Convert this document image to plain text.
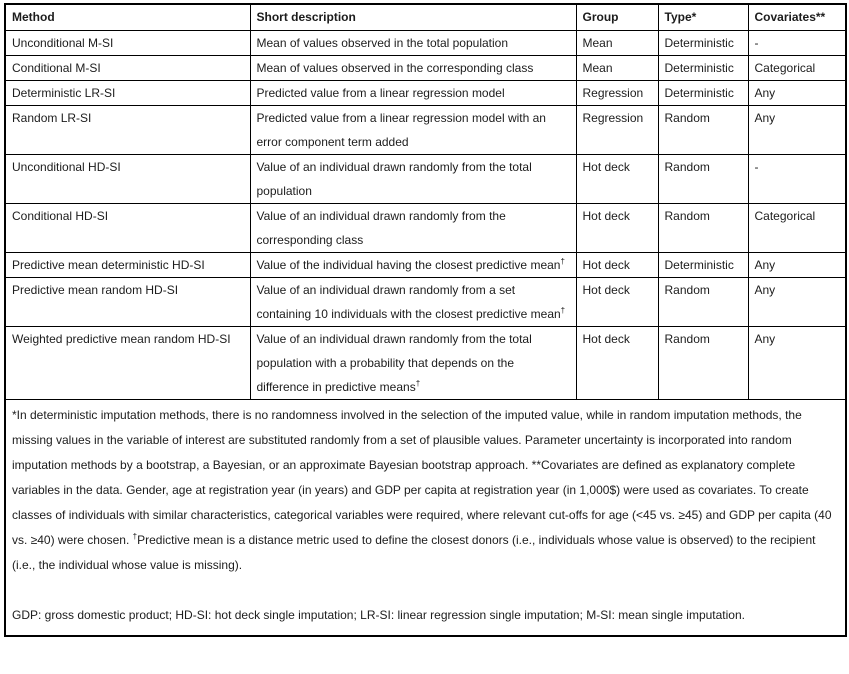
Method	Short description	Group	Type*	Covariates**
Unconditional M-SI	Mean of values observed in the total population	Mean	Deterministic	-
Conditional M-SI	Mean of values observed in the corresponding class	Mean	Deterministic	Categorical
Deterministic LR-SI	Predicted value from a linear regression model	Regression	Deterministic	Any
Random LR-SI	Predicted value from a linear regression model with an error component term added	Regression	Random	Any
Unconditional HD-SI	Value of an individual drawn randomly from the total population	Hot deck	Random	-
Conditional HD-SI	Value of an individual drawn randomly from the corresponding class	Hot deck	Random	Categorical
Predictive mean deterministic HD-SI	Value of the individual having the closest predictive mean†	Hot deck	Deterministic	Any
Predictive mean random HD-SI	Value of an individual drawn randomly from a set containing 10 individuals with the closest predictive mean†	Hot deck	Random	Any
Weighted predictive mean random HD-SI	Value of an individual drawn randomly from the total population with a probability that depends on the difference in predictive means†	Hot deck	Random	Any

*In deterministic imputation methods, there is no randomness involved in the selection of the imputed value, while in random imputation methods, the missing values in the variable of interest are substituted randomly from a set of plausible values. Parameter uncertainty is incorporated into random imputation methods by a bootstrap, a Bayesian, or an approximate Bayesian bootstrap approach. **Covariates are defined as explanatory complete variables in the data. Gender, age at registration year (in years) and GDP per capita at registration year (in 1,000$) were used as covariates. To create classes of individuals with similar characteristics, categorical variables were required, where relevant cut-offs for age (<45 vs. ≥45) and GDP per capita (40 vs. ≥40) were chosen. †Predictive mean is a distance metric used to define the closest donors (i.e., individuals whose value is observed) to the recipient (i.e., the individual whose value is missing).

GDP: gross domestic product; HD-SI: hot deck single imputation; LR-SI: linear regression single imputation; M-SI: mean single imputation.				
